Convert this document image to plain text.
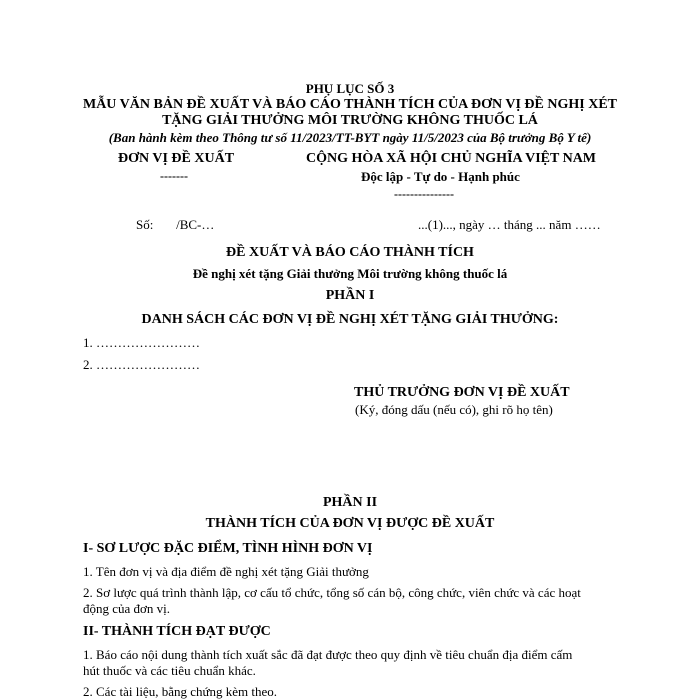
PHỤ LỤC SỐ 3
MẪU VĂN BẢN ĐỀ XUẤT VÀ BÁO CÁO THÀNH TÍCH CỦA ĐƠN VỊ ĐỀ NGHỊ XÉT
TẶNG GIẢI THƯỞNG MÔI TRƯỜNG KHÔNG THUỐC LÁ
(Ban hành kèm theo Thông tư số 11/2023/TT-BYT ngày 11/5/2023 của Bộ trưởng Bộ Y tế)
ĐƠN VỊ ĐỀ XUẤT
-------
CỘNG HÒA XÃ HỘI CHỦ NGHĨA VIỆT NAM
Độc lập - Tự do - Hạnh phúc
---------------
Số:       /BC-…	...(1)..., ngày … tháng ... năm ……
ĐỀ XUẤT VÀ BÁO CÁO THÀNH TÍCH
Đề nghị xét tặng Giải thưởng Môi trường không thuốc lá
PHẦN I
DANH SÁCH CÁC ĐƠN VỊ ĐỀ NGHỊ XÉT TẶNG GIẢI THƯỞNG:
1. ……………………
2. ……………………
THỦ TRƯỞNG ĐƠN VỊ ĐỀ XUẤT
(Ký, đóng dấu (nếu có), ghi rõ họ tên)
PHẦN II
THÀNH TÍCH CỦA ĐƠN VỊ ĐƯỢC ĐỀ XUẤT
I- SƠ LƯỢC ĐẶC ĐIỂM, TÌNH HÌNH ĐƠN VỊ
1. Tên đơn vị và địa điểm đề nghị xét tặng Giải thưởng
2. Sơ lược quá trình thành lập, cơ cấu tổ chức, tổng số cán bộ, công chức, viên chức và các hoạt
động của đơn vị.
II- THÀNH TÍCH ĐẠT ĐƯỢC
1. Báo cáo nội dung thành tích xuất sắc đã đạt được theo quy định về tiêu chuẩn địa điểm cấm
hút thuốc và các tiêu chuẩn khác.
2. Các tài liệu, bằng chứng kèm theo.
